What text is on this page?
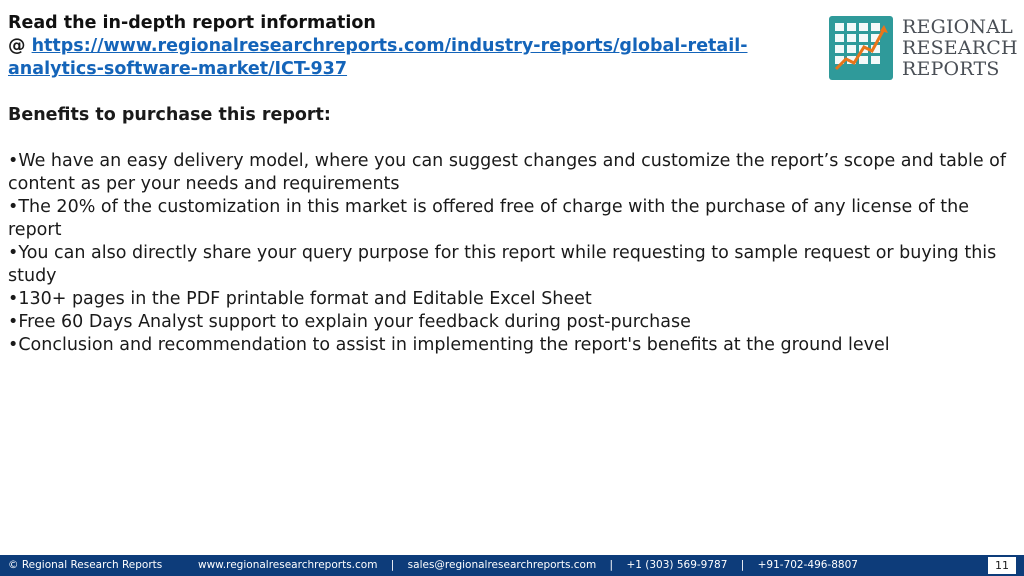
Read the in-depth report information
@ https://www.regionalresearchreports.com/industry-reports/global-retail-analytics-software-market/ICT-937
Benefits to purchase this report:
•We have an easy delivery model, where you can suggest changes and customize the report’s scope and table of content as per your needs and requirements
•The 20% of the customization in this market is offered free of charge with the purchase of any license of the report
•You can also directly share your query purpose for this report while requesting to sample request or buying this study
•130+ pages in the PDF printable format and Editable Excel Sheet
•Free 60 Days Analyst support to explain your feedback during post-purchase
•Conclusion and recommendation to assist in implementing the report's benefits at the ground level
REGIONAL
RESEARCH
REPORTS
© Regional Research Reports	www.regionalresearchreports.com    |    sales@regionalresearchreports.com    |    +1 (303) 569-9787    |    +91-702-496-8807	11
